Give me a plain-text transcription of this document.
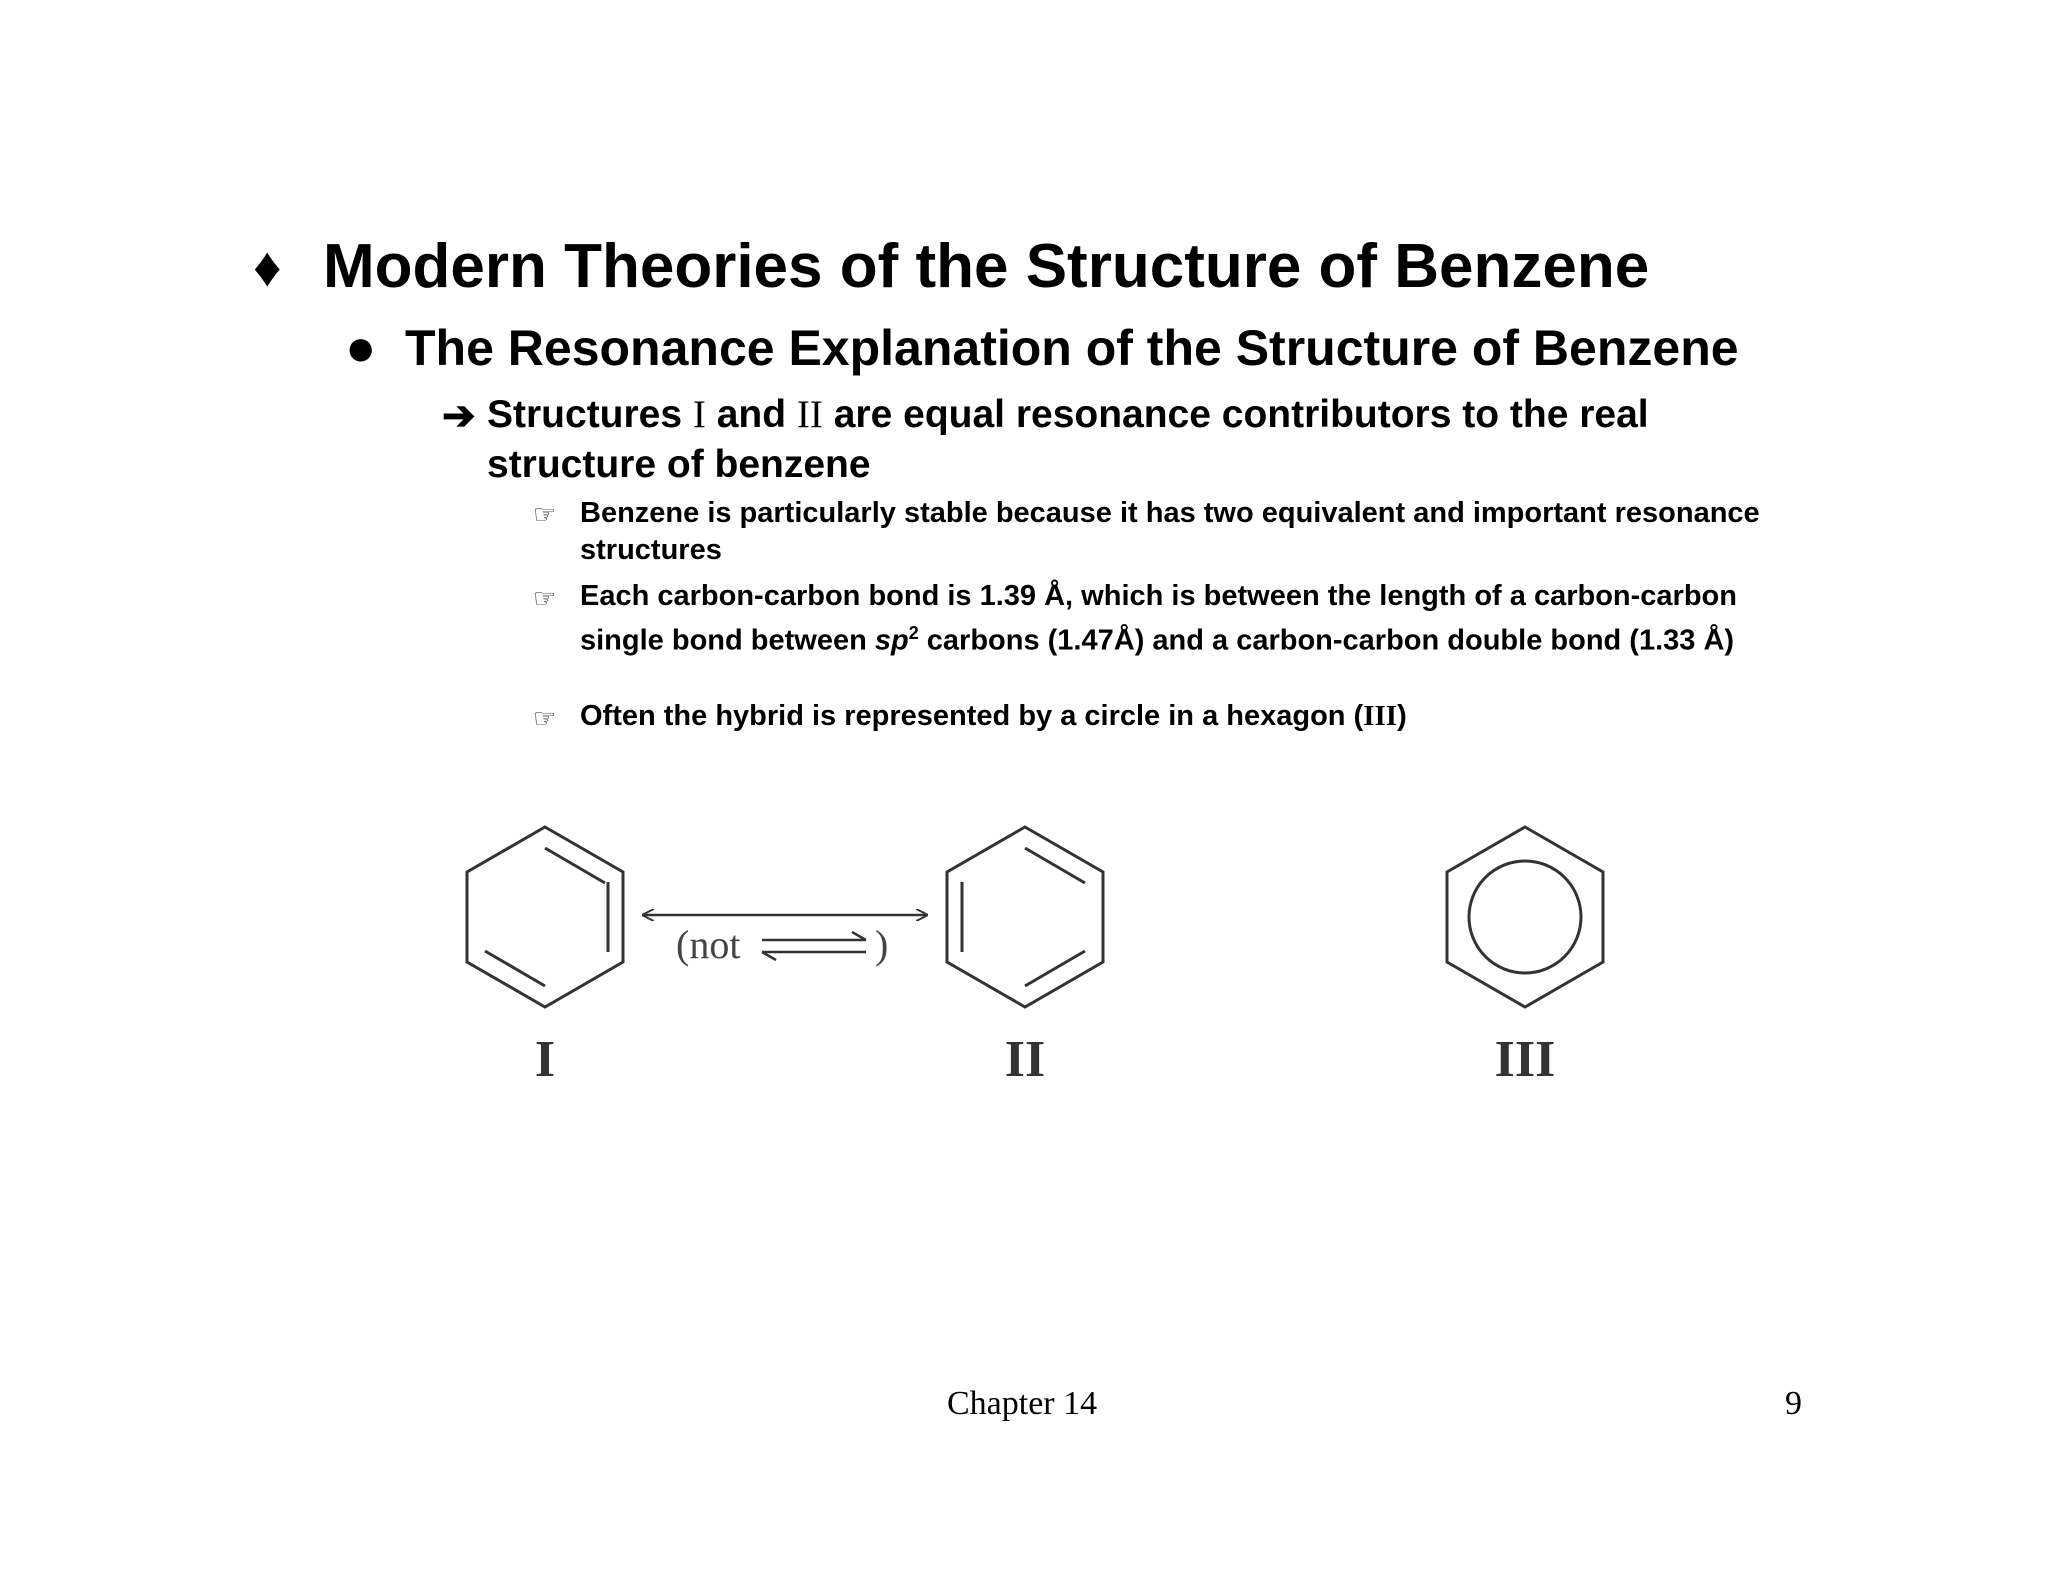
♦ Modern Theories of the Structure of Benzene
● The Resonance Explanation of the Structure of Benzene
➔ Structures I and II are equal resonance contributors to the real structure of benzene
☞ Benzene is particularly stable because it has two equivalent and important resonance structures
☞ Each carbon-carbon bond is 1.39 Å, which is between the length of a carbon-carbon single bond between $sp^2$ carbons (1.47Å) and a carbon-carbon double bond (1.33 Å)
☞ Often the hybrid is represented by a circle in a hexagon (III)
(not	)
I	II	III
Chapter 14	9
